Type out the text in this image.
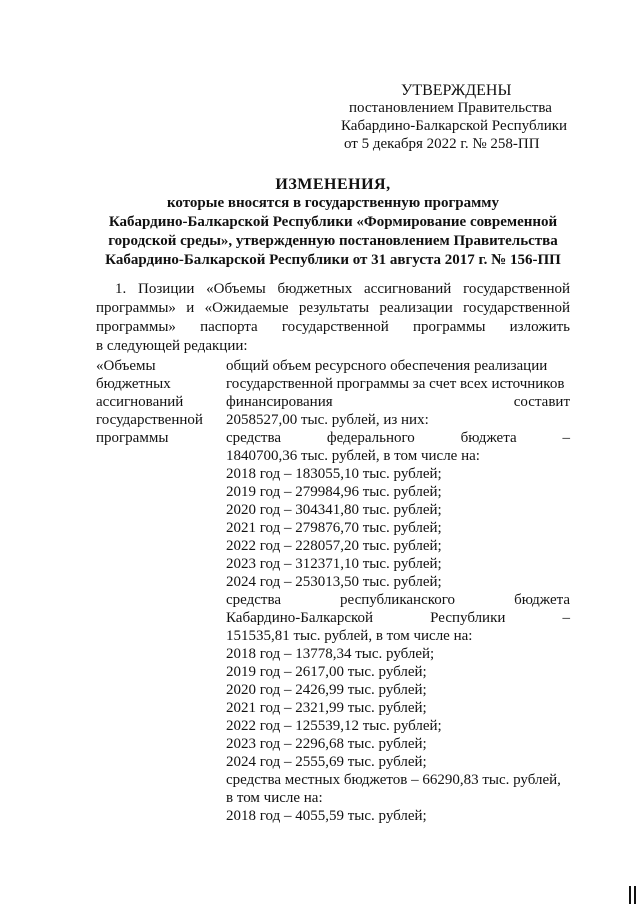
УТВЕРЖДЕНЫ
постановлением Правительства
Кабардино-Балкарской Республики
от 5 декабря 2022 г. № 258-ПП
ИЗМЕНЕНИЯ,
которые вносятся в государственную программу
Кабардино-Балкарской Республики «Формирование современной
городской среды», утвержденную постановлением Правительства
Кабардино-Балкарской Республики от 31 августа 2017 г. № 156-ПП
1. Позиции «Объемы бюджетных ассигнований государственной
программы» и «Ожидаемые результаты реализации государственной
программы» паспорта государственной программы изложить
в следующей редакции:
«Объемы
бюджетных
ассигнований
государственной
программы
общий объем ресурсного обеспечения реализации
государственной программы за счет всех источников
финансирования составит
2058527,00 тыс. рублей, из них:
средства федерального бюджета –
1840700,36 тыс. рублей, в том числе на:
2018 год – 183055,10 тыс. рублей;
2019 год – 279984,96 тыс. рублей;
2020 год – 304341,80 тыс. рублей;
2021 год – 279876,70 тыс. рублей;
2022 год – 228057,20 тыс. рублей;
2023 год – 312371,10 тыс. рублей;
2024 год – 253013,50 тыс. рублей;
средства республиканского бюджета
Кабардино-Балкарской Республики –
151535,81 тыс. рублей, в том числе на:
2018 год – 13778,34 тыс. рублей;
2019 год – 2617,00 тыс. рублей;
2020 год – 2426,99 тыс. рублей;
2021 год – 2321,99 тыс. рублей;
2022 год – 125539,12 тыс. рублей;
2023 год – 2296,68 тыс. рублей;
2024 год – 2555,69 тыс. рублей;
средства местных бюджетов – 66290,83 тыс. рублей,
в том числе на:
2018 год – 4055,59 тыс. рублей;
